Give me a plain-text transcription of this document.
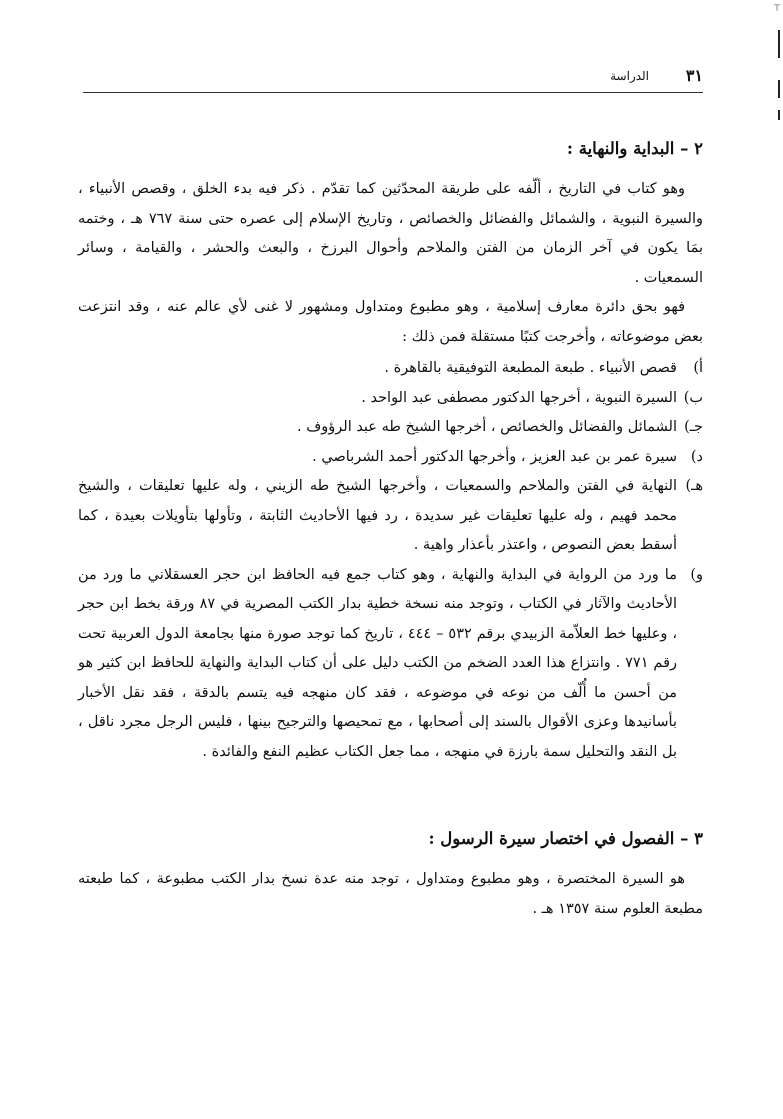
⊤
٣١
الدراسة
٢ – البداية والنهاية :

وهو كتاب في التاريخ ، ألّفه على طريقة المحدّثين كما تقدّم . ذكر فيه بدء الخلق ، وقصص الأنبياء ، والسيرة النبوية ، والشمائل والفضائل والخصائص ، وتاريخ الإسلام إلى عصره حتى سنة ٧٦٧ هـ ، وختمه بمَا يكون في آخر الزمان من الفتن والملاحم وأحوال البرزخ ، والبعث والحشر ، والقيامة ، وسائر السمعيات .

فهو بحق دائرة معارف إسلامية ، وهو مطبوع ومتداول ومشهور لا غنى لأي عالم عنه ، وقد انتزعت بعض موضوعاته ، وأخرجت كتبًا مستقلة فمن ذلك :

أ)
قصص الأنبياء . طبعة المطبعة التوفيقية بالقاهرة .
ب)
السيرة النبوية ، أخرجها الدكتور مصطفى عبد الواحد .
جـ)
الشمائل والفضائل والخصائص ، أخرجها الشيخ طه عبد الرؤوف .
د)
سيرة عمر بن عبد العزيز ، وأخرجها الدكتور أحمد الشرباصي .
هـ)
النهاية في الفتن والملاحم والسمعيات ، وأخرجها الشيخ طه الزيني ، وله عليها تعليقات ، والشيخ محمد فهيم ، وله عليها تعليقات غير سديدة ، رد فيها الأحاديث الثابتة ، وتأولها بتأويلات بعيدة ، كما أسقط بعض النصوص ، واعتذر بأعذار واهية .
و)
ما ورد من الرواية في البداية والنهاية ، وهو كتاب جمع فيه الحافظ ابن حجر العسقلاني ما ورد من الأحاديث والآثار في الكتاب ، وتوجد منه نسخة خطية بدار الكتب المصرية في ٨٧ ورقة بخط ابن حجر ، وعليها خط العلاّمة الزبيدي برقم ٥٣٢ – ٤٤٤ ، تاريخ كما توجد صورة منها بجامعة الدول العربية تحت رقم ٧٧١ . وانتزاع هذا العدد الضخم من الكتب دليل على أن كتاب البداية والنهاية للحافظ ابن كثير هو من أحسن ما أُلّف من نوعه في موضوعه ، فقد كان منهجه فيه يتسم بالدقة ، فقد نقل الأخبار بأسانيدها وعزى الأقوال بالسند إلى أصحابها ، مع تمحيصها والترجيح بينها ، فليس الرجل مجرد ناقل ، بل النقد والتحليل سمة بارزة في منهجه ، مما جعل الكتاب عظيم النفع والفائدة .
٣ – الفصول في اختصار سيرة الرسول :

هو السيرة المختصرة ، وهو مطبوع ومتداول ، توجد منه عدة نسخ بدار الكتب مطبوعة ، كما طبعته مطبعة العلوم سنة ١٣٥٧ هـ .
